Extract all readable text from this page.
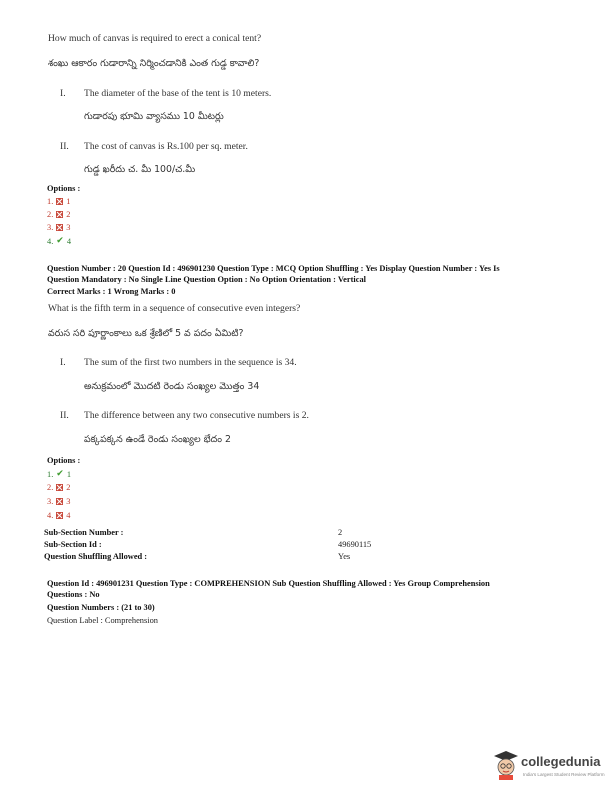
How much of canvas is required to erect a conical tent?
శంఖు ఆకారం గుడారాన్ని నిర్మించడానికి ఎంత గుడ్డ కావాలి?
I. The diameter of the base of the tent is 10 meters.
గుడారపు భూమి వ్యాసము 10 మీటర్లు
II. The cost of canvas is Rs.100 per sq. meter.
గుడ్డ ఖరీదు చ. మీ 100/చ.మీ
Options :
1. 1
2. 2
3. 3
4. ✔ 4
Question Number : 20 Question Id : 496901230 Question Type : MCQ Option Shuffling : Yes Display Question Number : Yes Is
Question Mandatory : No Single Line Question Option : No Option Orientation : Vertical
Correct Marks : 1 Wrong Marks : 0
What is the fifth term in a sequence of consecutive even integers?
వరుస సరి పూర్ణాంకాలు ఒక శ్రేణిలో 5 వ పదం ఏమిటి?
I. The sum of the first two numbers in the sequence is 34.
అనుక్రమంలో మొదటి రెండు సంఖ్యల మొత్తం 34
II. The difference between any two consecutive numbers is 2.
పక్కపక్కన ఉండే రెండు సంఖ్యల భేదం 2
Options :
1. ✔ 1
2. 2
3. 3
4. 4
Sub-Section Number :	2
Sub-Section Id :	49690115
Question Shuffling Allowed :	Yes
Question Id : 496901231 Question Type : COMPREHENSION Sub Question Shuffling Allowed : Yes Group Comprehension
Questions : No
Question Numbers : (21 to 30)
Question Label : Comprehension
collegedunia
India's Largest Student Review Platform
